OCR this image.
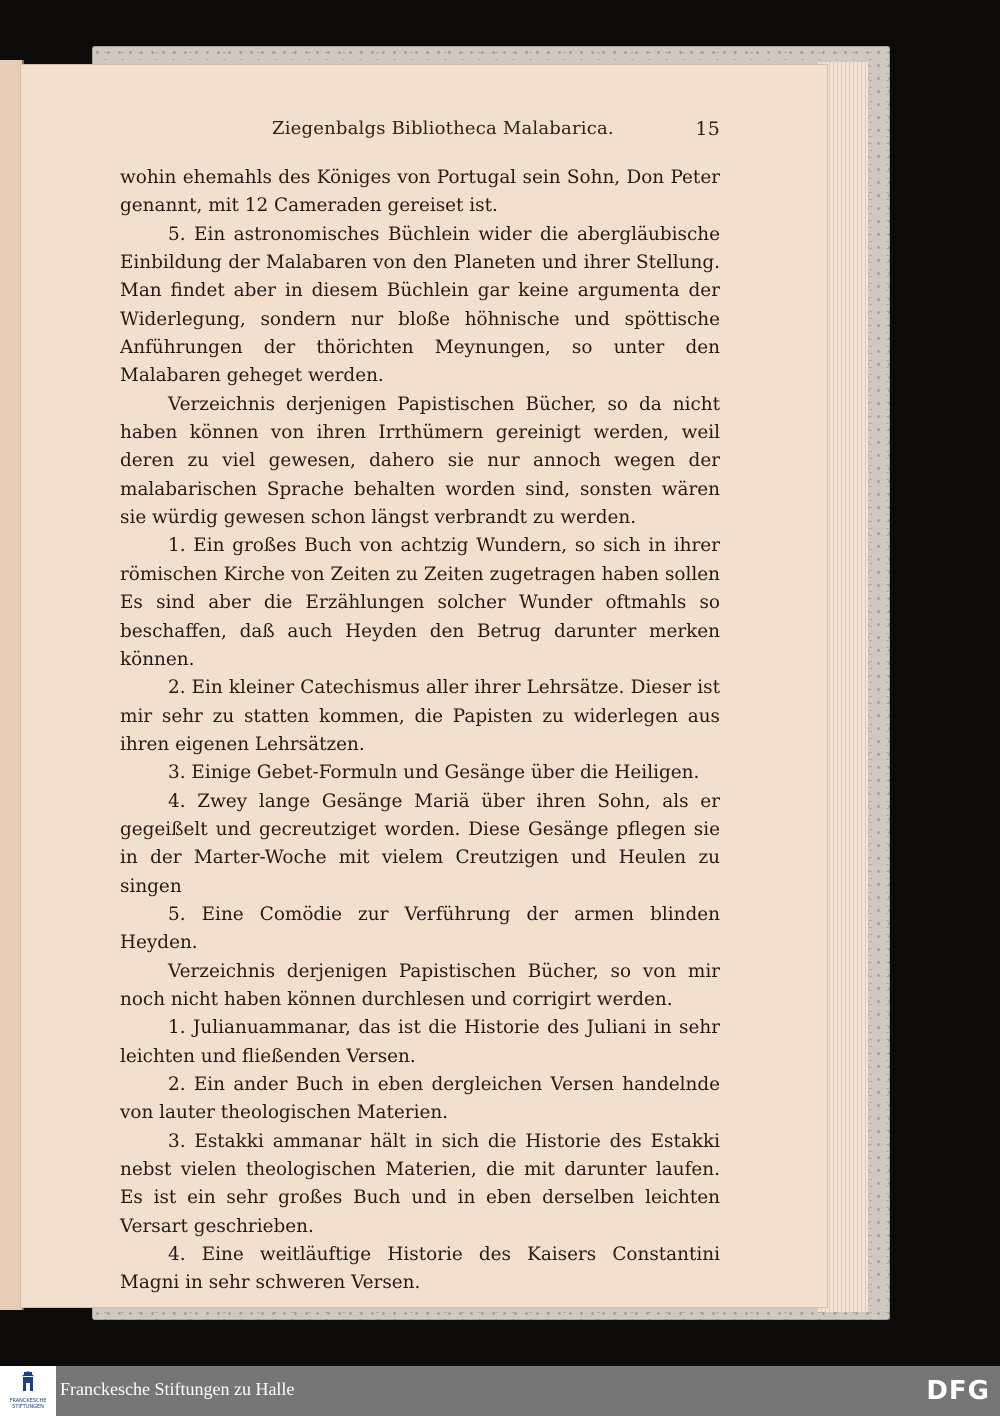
Ziegenbalgs Bibliotheca Malabarica.	15

wohin ehemahls des Königes von Portugal sein Sohn, Don Peter genannt, mit 12 Cameraden gereiset ist.

5. Ein astronomisches Büchlein wider die abergläubische Einbildung der Malabaren von den Planeten und ihrer Stellung. Man findet aber in diesem Büchlein gar keine argumenta der Widerlegung, sondern nur bloße höhnische und spöttische Anführungen der thörichten Meynungen, so unter den Malabaren geheget werden.

Verzeichnis derjenigen Papistischen Bücher, so da nicht haben können von ihren Irrthümern gereinigt werden, weil deren zu viel gewesen, dahero sie nur annoch wegen der malabarischen Sprache behalten worden sind, sonsten wären sie würdig gewesen schon längst verbrandt zu werden.

1. Ein großes Buch von achtzig Wundern, so sich in ihrer römischen Kirche von Zeiten zu Zeiten zugetragen haben sollen Es sind aber die Erzählungen solcher Wunder oftmahls so beschaffen, daß auch Heyden den Betrug darunter merken können.

2. Ein kleiner Catechismus aller ihrer Lehrsätze. Dieser ist mir sehr zu statten kommen, die Papisten zu widerlegen aus ihren eigenen Lehrsätzen.

3. Einige Gebet-Formuln und Gesänge über die Heiligen.

4. Zwey lange Gesänge Mariä über ihren Sohn, als er gegeißelt und gecreutziget worden. Diese Gesänge pflegen sie in der Marter-Woche mit vielem Creutzigen und Heulen zu singen

5. Eine Comödie zur Verführung der armen blinden Heyden.

Verzeichnis derjenigen Papistischen Bücher, so von mir noch nicht haben können durchlesen und corrigirt werden.

1. Julianuammanar, das ist die Historie des Juliani in sehr leichten und fließenden Versen.

2. Ein ander Buch in eben dergleichen Versen handelnde von lauter theologischen Materien.

3. Estakki ammanar hält in sich die Historie des Estakki nebst vielen theologischen Materien, die mit darunter laufen. Es ist ein sehr großes Buch und in eben derselben leichten Versart geschrieben.

4. Eine weitläuftige Historie des Kaisers Constantini Magni in sehr schweren Versen.

FRANCKESCHE STIFTUNGEN
Franckesche Stiftungen zu Halle	DFG
